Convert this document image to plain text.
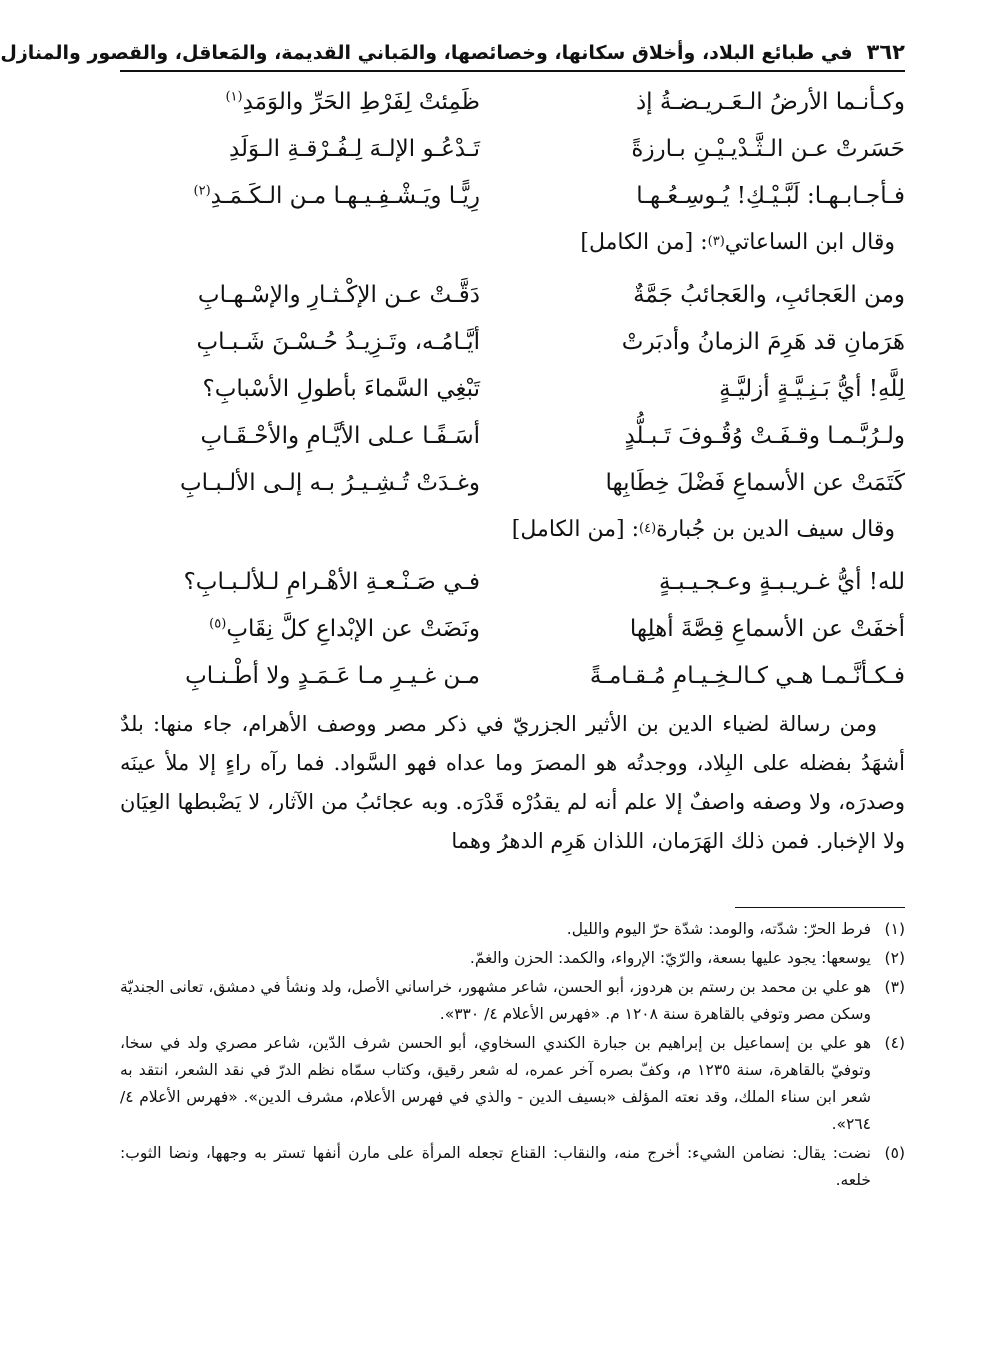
٣٦٢
في طبائع البلاد، وأخلاق سكانها، وخصائصها، والمَباني القديمة، والمَعاقل، والقصور والمنازل
وكـأنـما الأرضُ الـعَـريـضـةُ إذ
ظَمِئتْ لِفَرْطِ الحَرِّ والوَمَدِ$^{(١)}$
حَسَرتْ عـن الـثَّـدْيـيْـنِ بـارزةً
تَـدْعُـو الإلـهَ لِـفُـرْقـةِ الـوَلَدِ
فـأجـابـهـا: لَبَّـيْـكِ! يُـوسِـعُـهـا
رِيًّـا ويَـشْـفِـيـهـا مـن الـكَـمَـدِ$^{(٢)}$
وقال ابن الساعاتي
(٣)
: [من الكامل]
ومن العَجائبِ، والعَجائبُ جَمَّةٌ
دَقَّـتْ عـن الإكْـثـارِ والإسْـهـابِ
هَرَمانِ قد هَرِمَ الزمانُ وأدبَرتْ
أيَّـامُـه، وتَـزِيـدُ حُـسْـنَ شَـبـابِ
لِلَّهِ! أيُّ بَـنِـيَّـةٍ أزليَّـةٍ
تَبْغِي السَّماءَ بأطولِ الأسْبابِ؟
ولـرُبَّـمـا وقـفَـتْ وُقُـوفَ تَـبـلُّدٍ
أسَـفًـا عـلى الأيَّـامِ والأحْـقَـابِ
كَتَمَتْ عن الأسماعِ فَضْلَ خِطَابِها
وغـدَتْ تُـشِـيـرُ بـه إلـى الألـبـابِ
وقال سيف الدين بن جُبارة
(٤)
: [من الكامل]
لله! أيُّ غـريـبـةٍ وعـجـيـبـةٍ
فـي صَـنْـعـةِ الأهْـرامِ لـلألـبـابِ؟
أخفَتْ عن الأسماعِ قِصَّةَ أهلِها
ونَضَتْ عن الإبْداعِ كلَّ نِقَابِ$^{(٥)}$
فـكـأنَّـمـا هـي كـالـخِـيـامِ مُـقـامـةً
مـن غـيـرِ مـا عَـمَـدٍ ولا أطْـنـابِ

ومن رسالة لضياء الدين بن الأثير الجزريّ في ذكر مصر ووصف الأهرام، جاء منها: بلدٌ أشهَدُ بفضله على البِلاد، ووجدتُه هو المصرَ وما عداه فهو السَّواد. فما رآه راءٍ إلا ملأ عينَه وصدرَه، ولا وصفه واصفٌ إلا علم أنه لم يقدُرْه قَدْرَه. وبه عجائبُ من الآثار، لا يَضْبطها العِيَان ولا الإخبار. فمن ذلك الهَرَمان، اللذان هَرِم الدهرُ وهما

(١)
فرط الحرّ: شدّته، والومد: شدّة حرّ اليوم والليل.
(٢)
يوسعها: يجود عليها بسعة، والرّيّ: الإرواء، والكمد: الحزن والغمّ.
(٣)
هو علي بن محمد بن رستم بن هردوز، أبو الحسن، شاعر مشهور، خراساني الأصل، ولد ونشأ في دمشق، تعانى الجنديّة وسكن مصر وتوفي بالقاهرة سنة ١٢٠٨ م. «فهرس الأعلام ٤/ ٣٣٠».
(٤)
هو علي بن إسماعيل بن إبراهيم بن جبارة الكندي السخاوي، أبو الحسن شرف الدّين، شاعر مصري ولد في سخا، وتوفيّ بالقاهرة، سنة ١٢٣٥ م، وكفّ بصره آخر عمره، له شعر رقيق، وكتاب سمّاه نظم الدرّ في نقد الشعر، انتقد به شعر ابن سناء الملك، وقد نعته المؤلف «بسيف الدين - والذي في فهرس الأعلام، مشرف الدين». «فهرس الأعلام ٤/ ٢٦٤».
(٥)
نضت: يقال: نضامن الشيء: أخرج منه، والنقاب: القناع تجعله المرأة على مارن أنفها تستر به وجهها، ونضا الثوب: خلعه.
